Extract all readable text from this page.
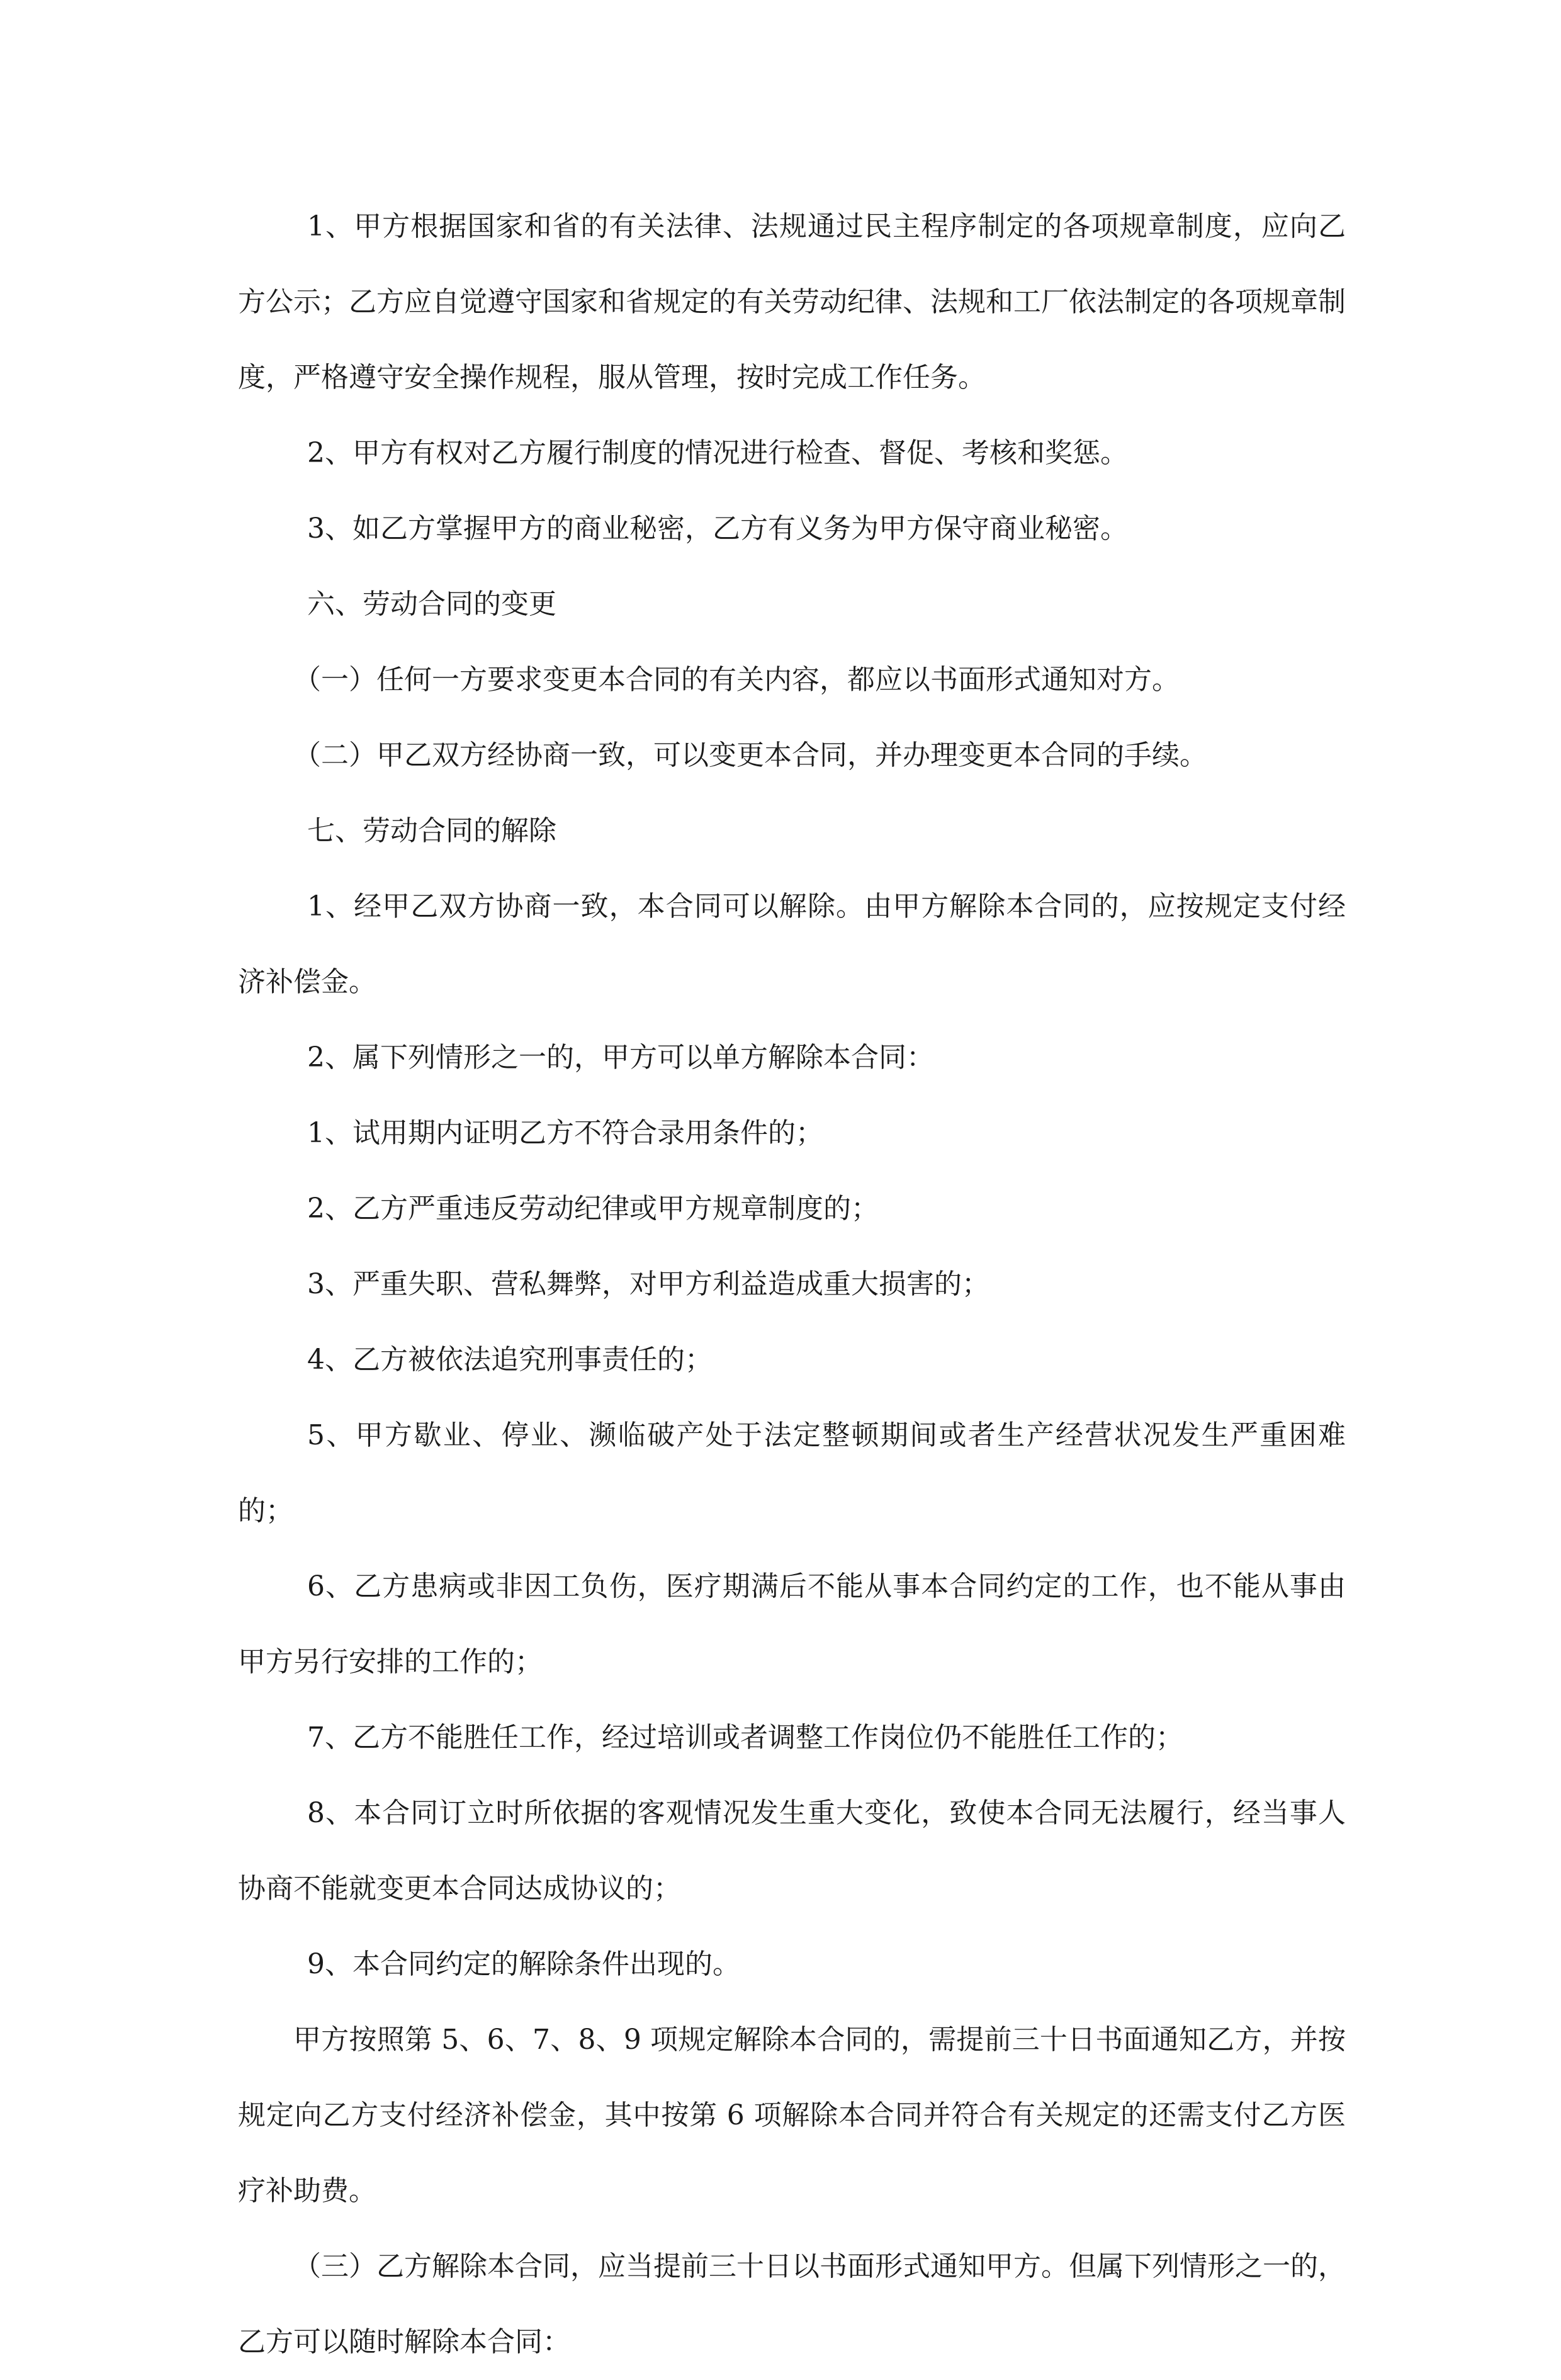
1、甲方根据国家和省的有关法律、法规通过民主程序制定的各项规章制度，应向乙方公示；乙方应自觉遵守国家和省规定的有关劳动纪律、法规和工厂依法制定的各项规章制度，严格遵守安全操作规程，服从管理，按时完成工作任务。

2、甲方有权对乙方履行制度的情况进行检查、督促、考核和奖惩。

3、如乙方掌握甲方的商业秘密，乙方有义务为甲方保守商业秘密。

六、劳动合同的变更

（一）任何一方要求变更本合同的有关内容，都应以书面形式通知对方。

（二）甲乙双方经协商一致，可以变更本合同，并办理变更本合同的手续。

七、劳动合同的解除

1、经甲乙双方协商一致，本合同可以解除。由甲方解除本合同的，应按规定支付经济补偿金。

2、属下列情形之一的，甲方可以单方解除本合同：

1、试用期内证明乙方不符合录用条件的；

2、乙方严重违反劳动纪律或甲方规章制度的；

3、严重失职、营私舞弊，对甲方利益造成重大损害的；

4、乙方被依法追究刑事责任的；

5、甲方歇业、停业、濒临破产处于法定整顿期间或者生产经营状况发生严重困难的；

6、乙方患病或非因工负伤，医疗期满后不能从事本合同约定的工作，也不能从事由甲方另行安排的工作的；

7、乙方不能胜任工作，经过培训或者调整工作岗位仍不能胜任工作的；

8、本合同订立时所依据的客观情况发生重大变化，致使本合同无法履行，经当事人协商不能就变更本合同达成协议的；

9、本合同约定的解除条件出现的。

甲方按照第 5、6、7、8、9 项规定解除本合同的，需提前三十日书面通知乙方，并按规定向乙方支付经济补偿金，其中按第 6 项解除本合同并符合有关规定的还需支付乙方医疗补助费。

（三）乙方解除本合同，应当提前三十日以书面形式通知甲方。但属下列情形之一的，乙方可以随时解除本合同：
